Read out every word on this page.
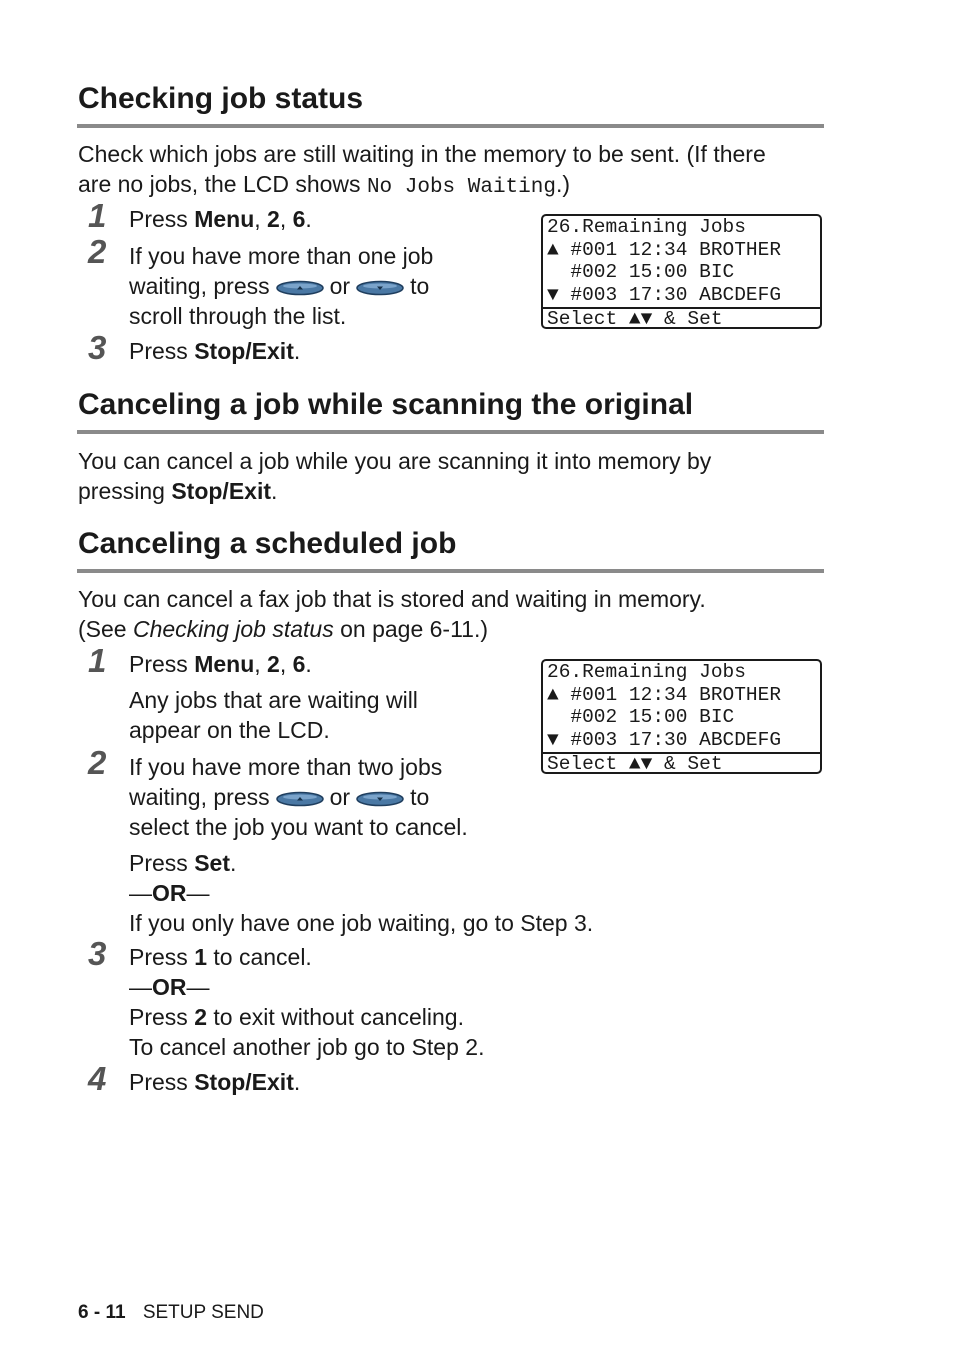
Checking job status
Check which jobs are still waiting in the memory to be sent. (If there
are no jobs, the LCD shows No Jobs Waiting.)
1 Press Menu, 2, 6.
2 If you have more than one job
waiting, press	or	to
scroll through the list.
3 Press Stop/Exit.
26.Remaining Jobs
▲ #001 12:34 BROTHER
#002 15:00 BIC
▼ #003 17:30 ABCDEFG
Select ▲▼ & Set
Canceling a job while scanning the original
You can cancel a job while you are scanning it into memory by
pressing Stop/Exit.
Canceling a scheduled job
You can cancel a fax job that is stored and waiting in memory.
(See Checking job status on page 6-11.)
1 Press Menu, 2, 6.
Any jobs that are waiting will
appear on the LCD.
2 If you have more than two jobs
waiting, press	or	to
select the job you want to cancel.
Press Set.
—OR—
If you only have one job waiting, go to Step 3.
3 Press 1 to cancel.
—OR—
Press 2 to exit without canceling.
To cancel another job go to Step 2.
4 Press Stop/Exit.
26.Remaining Jobs
▲ #001 12:34 BROTHER
#002 15:00 BIC
▼ #003 17:30 ABCDEFG
Select ▲▼ & Set
6 - 11 SETUP SEND
